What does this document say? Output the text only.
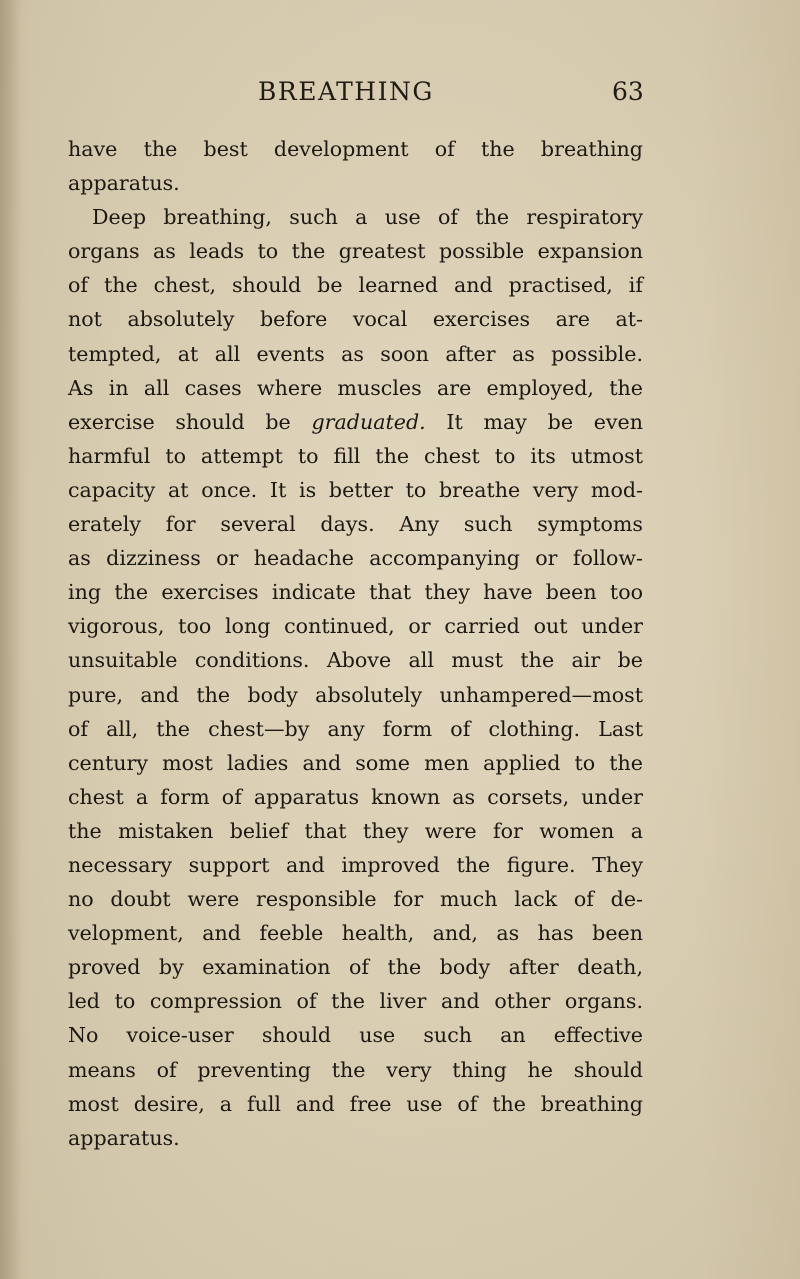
BREATHING	63
have the best development of the breathing
apparatus.
Deep breathing, such a use of the respiratory
organs as leads to the greatest possible expansion
of the chest, should be learned and practised, if
not absolutely before vocal exercises are at-
tempted, at all events as soon after as possible.
As in all cases where muscles are employed, the
exercise should be graduated. It may be even
harmful to attempt to fill the chest to its utmost
capacity at once. It is better to breathe very mod-
erately for several days. Any such symptoms
as dizziness or headache accompanying or follow-
ing the exercises indicate that they have been too
vigorous, too long continued, or carried out under
unsuitable conditions. Above all must the air be
pure, and the body absolutely unhampered—most
of all, the chest—by any form of clothing. Last
century most ladies and some men applied to the
chest a form of apparatus known as corsets, under
the mistaken belief that they were for women a
necessary support and improved the figure. They
no doubt were responsible for much lack of de-
velopment, and feeble health, and, as has been
proved by examination of the body after death,
led to compression of the liver and other organs.
No voice-user should use such an effective
means of preventing the very thing he should
most desire, a full and free use of the breathing
apparatus.
